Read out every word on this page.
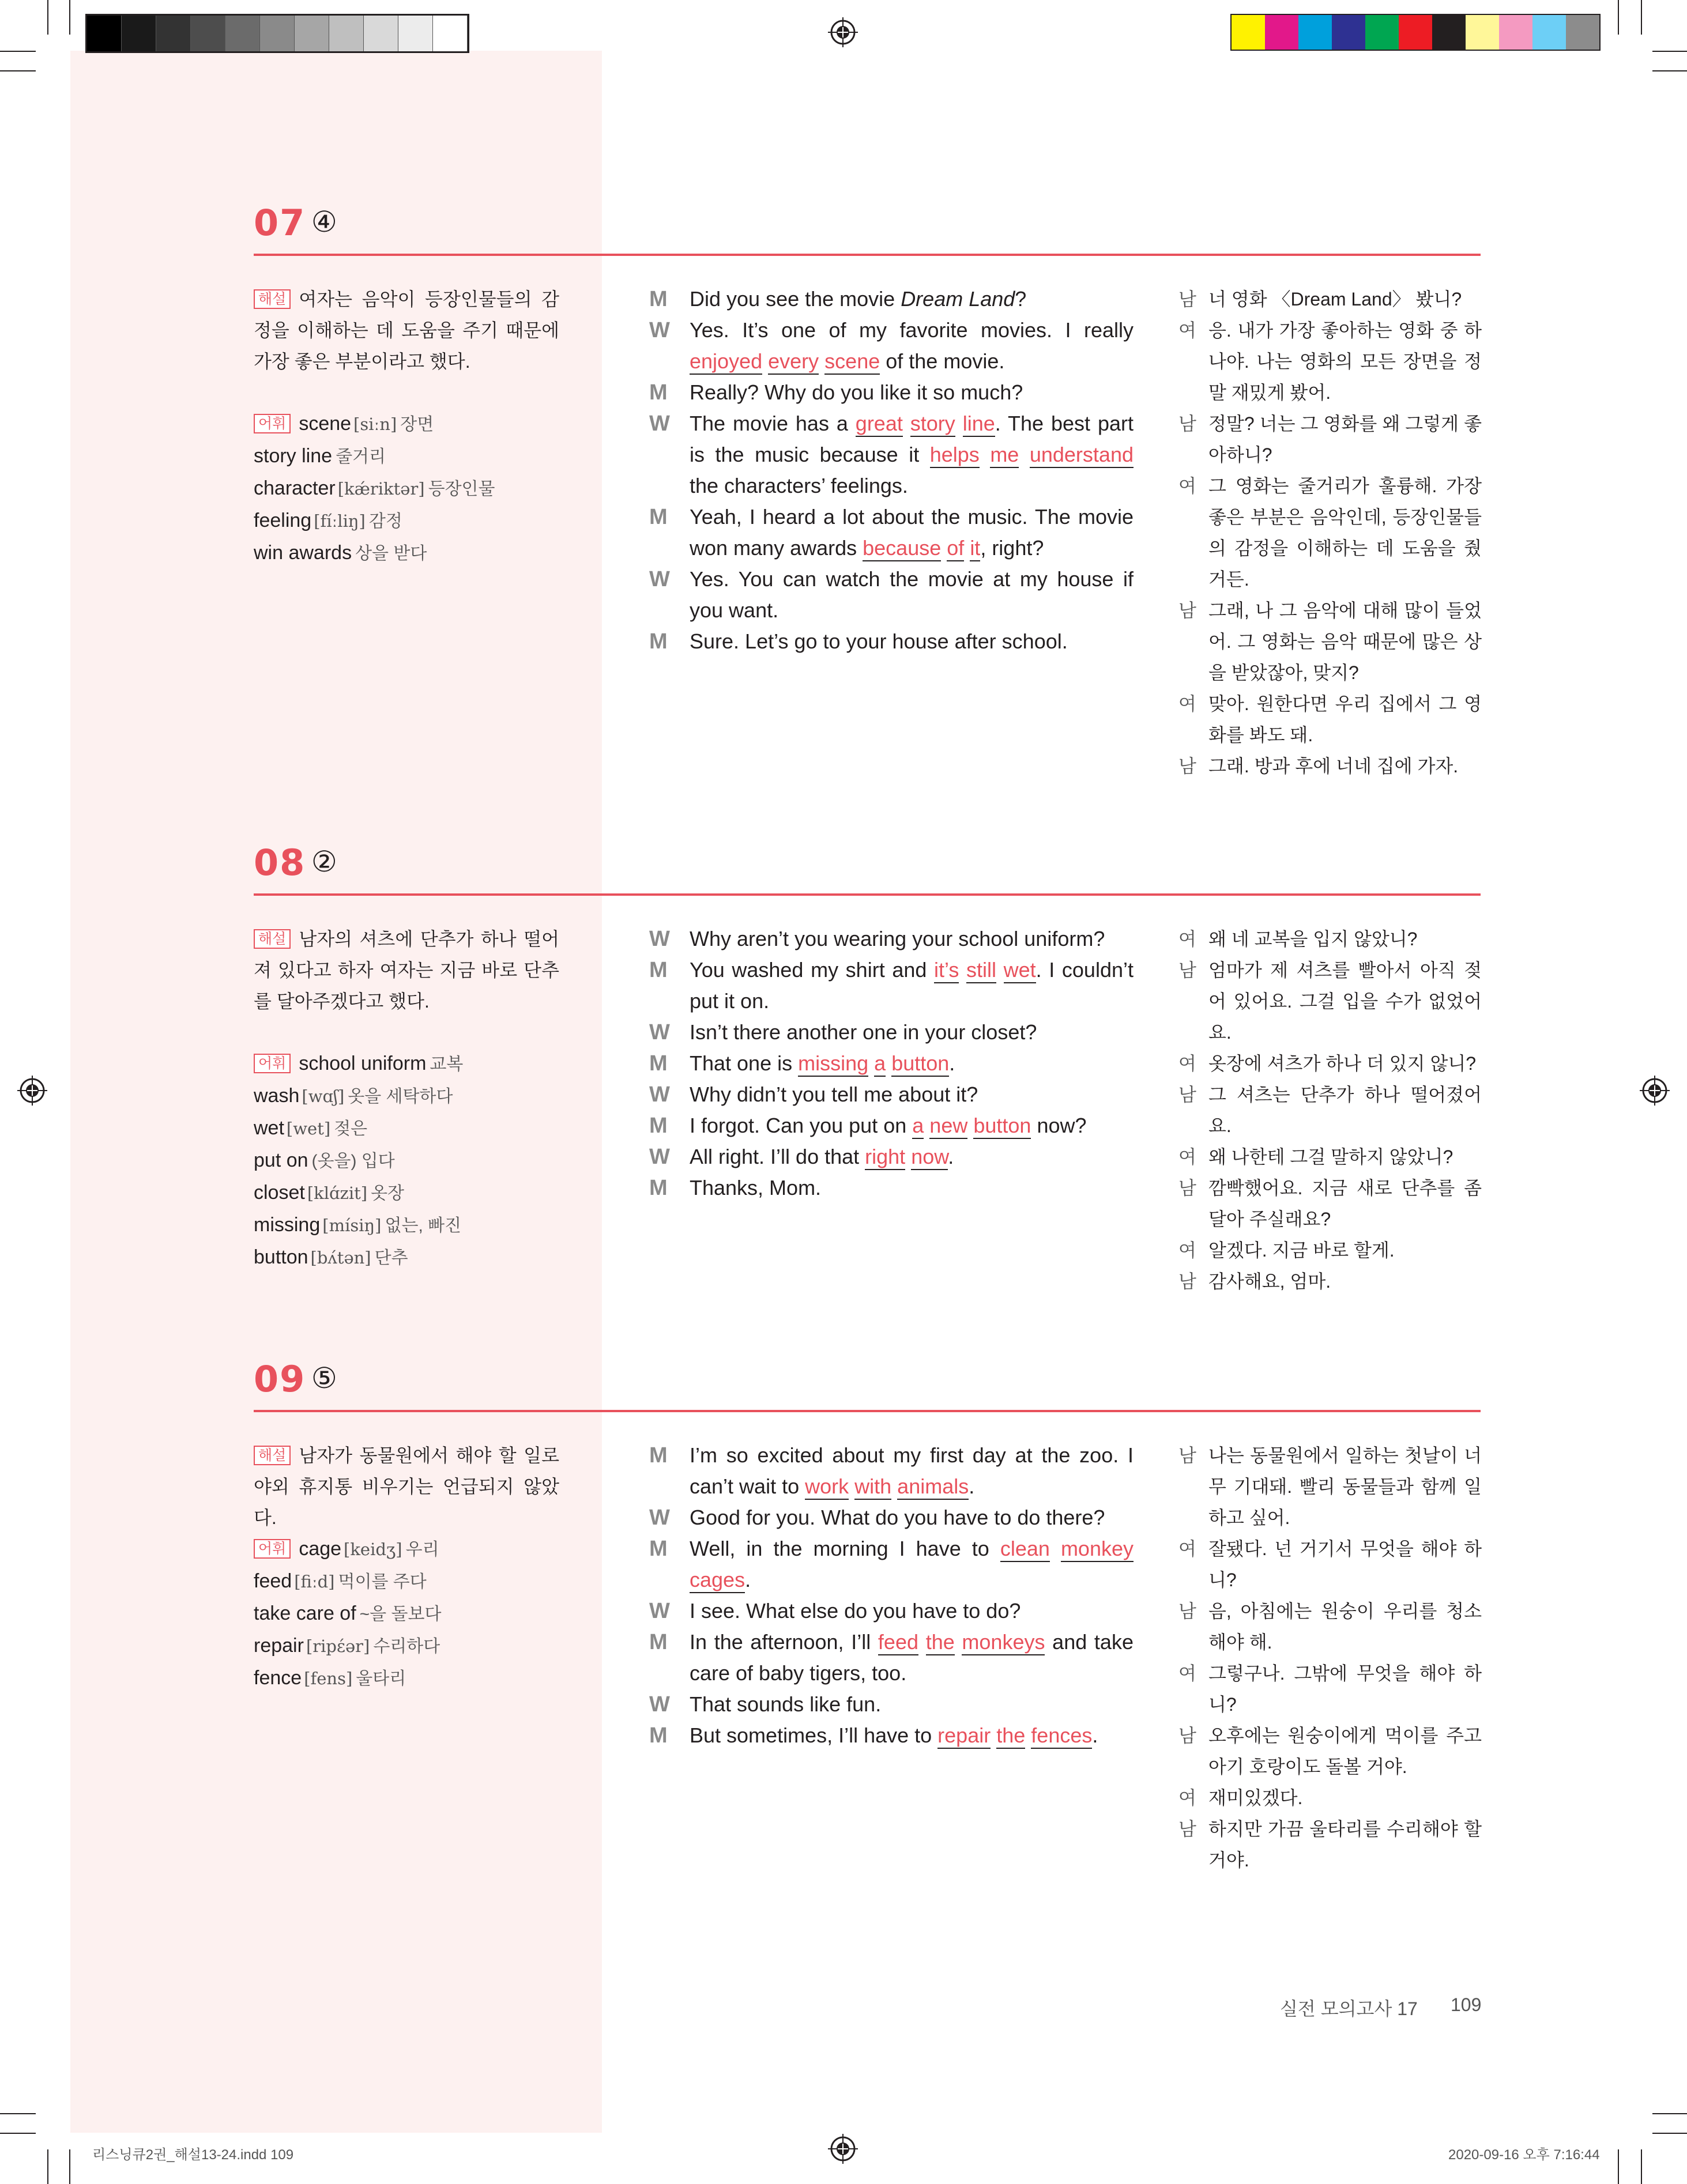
07 ④
해설 여자는 음악이 등장인물들의 감정을 이해하는 데 도움을 주기 때문에 가장 좋은 부분이라고 했다.
어휘 scene [siːn] 장면
story line 줄거리
character [kǽriktər] 등장인물
feeling [fíːliŋ] 감정
win awards 상을 받다
M	Did you see the movie Dream Land?
W Yes. It’s one of my favorite movies. I really enjoyed every scene of the movie.
M	Really? Why do you like it so much?
W The movie has a great story line. The best part is the music because it helps me understand the characters’ feelings.
M	Yeah, I heard a lot about the music. The movie won many awards because of it, right?
W Yes. You can watch the movie at my house if you want.
M	Sure. Let’s go to your house after school.
남 너 영화 〈Dream Land〉 봤니?
여 응. 내가 가장 좋아하는 영화 중 하나야. 나는 영화의 모든 장면을 정말 재밌게 봤어.
남 정말? 너는 그 영화를 왜 그렇게 좋아하니?
여 그 영화는 줄거리가 훌륭해. 가장 좋은 부분은 음악인데, 등장인물들의 감정을 이해하는 데 도움을 줬거든.
남 그래, 나 그 음악에 대해 많이 들었어. 그 영화는 음악 때문에 많은 상을 받았잖아, 맞지?
여 맞아. 원한다면 우리 집에서 그 영화를 봐도 돼.
남 그래. 방과 후에 너네 집에 가자.
08 ②
해설 남자의 셔츠에 단추가 하나 떨어져 있다고 하자 여자는 지금 바로 단추를 달아주겠다고 했다.
어휘 school uniform 교복
wash [wɑʃ] 옷을 세탁하다
wet [wet] 젖은
put on (옷을) 입다
closet [klɑ́zit] 옷장
missing [mísiŋ] 없는, 빠진
button [bʌ́tən] 단추
W Why aren’t you wearing your school uniform?
M	You washed my shirt and it’s still wet. I couldn’t put it on.
W Isn’t there another one in your closet?
M	That one is missing a button.
W Why didn’t you tell me about it?
M	I forgot. Can you put on a new button now?
W All right. I’ll do that right now.
M	Thanks, Mom.
여 왜 네 교복을 입지 않았니?
남 엄마가 제 셔츠를 빨아서 아직 젖어 있어요. 그걸 입을 수가 없었어요.
여 옷장에 셔츠가 하나 더 있지 않니?
남 그 셔츠는 단추가 하나 떨어졌어요.
여 왜 나한테 그걸 말하지 않았니?
남 깜빡했어요. 지금 새로 단추를 좀 달아 주실래요?
여 알겠다. 지금 바로 할게.
남 감사해요, 엄마.
09 ⑤
해설 남자가 동물원에서 해야 할 일로 야외 휴지통 비우기는 언급되지 않았다.
어휘 cage [keidʒ] 우리
feed [fiːd] 먹이를 주다
take care of ~을 돌보다
repair [ripέər] 수리하다
fence [fens] 울타리
M	I’m so excited about my first day at the zoo. I can’t wait to work with animals.
W Good for you. What do you have to do there?
M	Well, in the morning I have to clean monkey cages.
W I see. What else do you have to do?
M	In the afternoon, I’ll feed the monkeys and take care of baby tigers, too.
W That sounds like fun.
M	But sometimes, I’ll have to repair the fences.
남 나는 동물원에서 일하는 첫날이 너무 기대돼. 빨리 동물들과 함께 일하고 싶어.
여 잘됐다. 넌 거기서 무엇을 해야 하니?
남 음, 아침에는 원숭이 우리를 청소해야 해.
여 그렇구나. 그밖에 무엇을 해야 하니?
남 오후에는 원숭이에게 먹이를 주고 아기 호랑이도 돌볼 거야.
여 재미있겠다.
남 하지만 가끔 울타리를 수리해야 할 거야.
실전 모의고사 17 109
리스닝큐2권_해설13-24.indd 109	2020-09-16 오후 7:16:44
